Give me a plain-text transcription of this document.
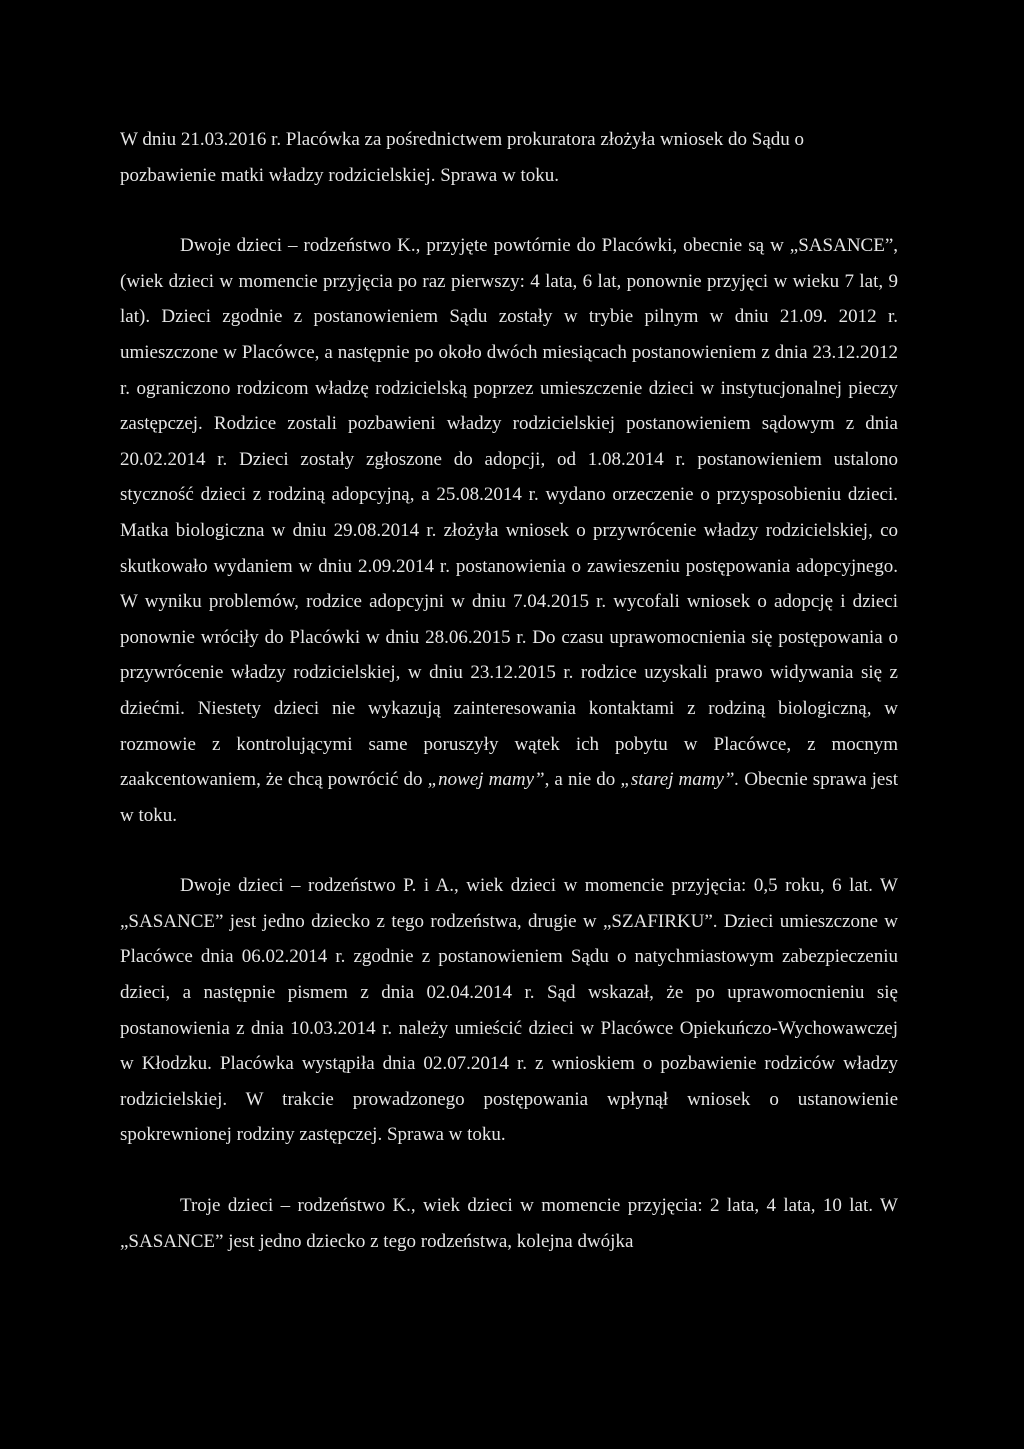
W dniu 21.03.2016 r. Placówka za pośrednictwem prokuratora złożyła wniosek do Sądu o pozbawienie matki władzy rodzicielskiej. Sprawa w toku.

Dwoje dzieci – rodzeństwo K., przyjęte powtórnie do Placówki, obecnie są w „SASANCE”, (wiek dzieci w momencie przyjęcia po raz pierwszy: 4 lata, 6 lat, ponownie przyjęci w wieku 7 lat, 9 lat). Dzieci zgodnie z postanowieniem Sądu zostały w trybie pilnym w dniu 21.09. 2012 r. umieszczone w Placówce, a następnie po około dwóch miesiącach postanowieniem z dnia 23.12.2012 r. ograniczono rodzicom władzę rodzicielską poprzez umieszczenie dzieci w instytucjonalnej pieczy zastępczej. Rodzice zostali pozbawieni władzy rodzicielskiej postanowieniem sądowym z dnia 20.02.2014 r. Dzieci zostały zgłoszone do adopcji, od 1.08.2014 r. postanowieniem ustalono styczność dzieci z rodziną adopcyjną, a 25.08.2014 r. wydano orzeczenie o przysposobieniu dzieci. Matka biologiczna w dniu 29.08.2014 r. złożyła wniosek o przywrócenie władzy rodzicielskiej, co skutkowało wydaniem w dniu 2.09.2014 r. postanowienia o zawieszeniu postępowania adopcyjnego. W wyniku problemów, rodzice adopcyjni w dniu 7.04.2015 r. wycofali wniosek o adopcję i dzieci ponownie wróciły do Placówki w dniu 28.06.2015 r. Do czasu uprawomocnienia się postępowania o przywrócenie władzy rodzicielskiej, w dniu 23.12.2015 r. rodzice uzyskali prawo widywania się z dziećmi. Niestety dzieci nie wykazują zainteresowania kontaktami z rodziną biologiczną, w rozmowie z kontrolującymi same poruszyły wątek ich pobytu w Placówce, z mocnym zaakcentowaniem, że chcą powrócić do „nowej mamy”, a nie do „starej mamy”. Obecnie sprawa jest w toku.

Dwoje dzieci – rodzeństwo P. i A., wiek dzieci w momencie przyjęcia: 0,5 roku, 6 lat. W „SASANCE” jest jedno dziecko z tego rodzeństwa, drugie w „SZAFIRKU”. Dzieci umieszczone w Placówce dnia 06.02.2014 r. zgodnie z postanowieniem Sądu o natychmiastowym zabezpieczeniu dzieci, a następnie pismem z dnia 02.04.2014 r. Sąd wskazał, że po uprawomocnieniu się postanowienia z dnia 10.03.2014 r. należy umieścić dzieci w Placówce Opiekuńczo-Wychowawczej w Kłodzku. Placówka wystąpiła dnia 02.07.2014 r. z wnioskiem o pozbawienie rodziców władzy rodzicielskiej. W trakcie prowadzonego postępowania wpłynął wniosek o ustanowienie spokrewnionej rodziny zastępczej. Sprawa w toku.

Troje dzieci – rodzeństwo K., wiek dzieci w momencie przyjęcia: 2 lata, 4 lata, 10 lat. W „SASANCE” jest jedno dziecko z tego rodzeństwa, kolejna dwójka
